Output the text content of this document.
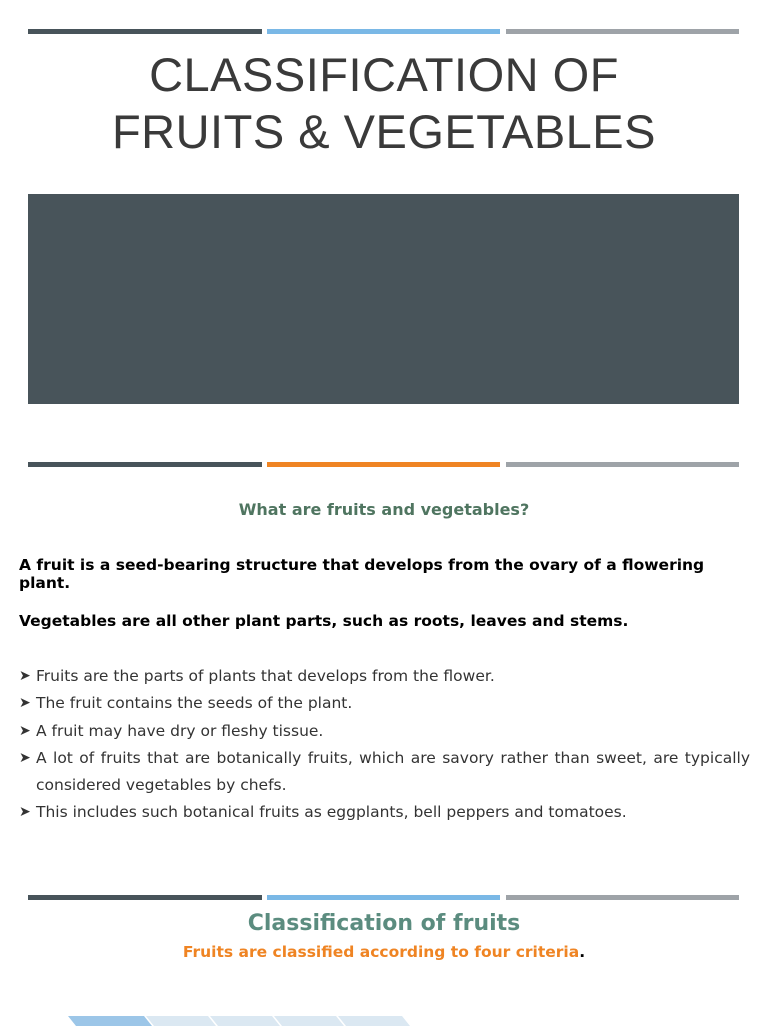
CLASSIFICATION OF
FRUITS & VEGETABLES
What are fruits and vegetables?
A fruit is a seed-bearing structure that develops from the ovary of a flowering plant.
Vegetables are all other plant parts, such as roots, leaves and stems.
➤ Fruits are the parts of plants that develops from the flower.
➤ The fruit contains the seeds of the plant.
➤ A fruit may have dry or fleshy tissue.
➤ A lot of fruits that are botanically fruits, which are savory rather than sweet, are typically considered vegetables by chefs.
➤ This includes such botanical fruits as eggplants, bell peppers and tomatoes.
Classification of fruits
Fruits are classified according to four criteria.
